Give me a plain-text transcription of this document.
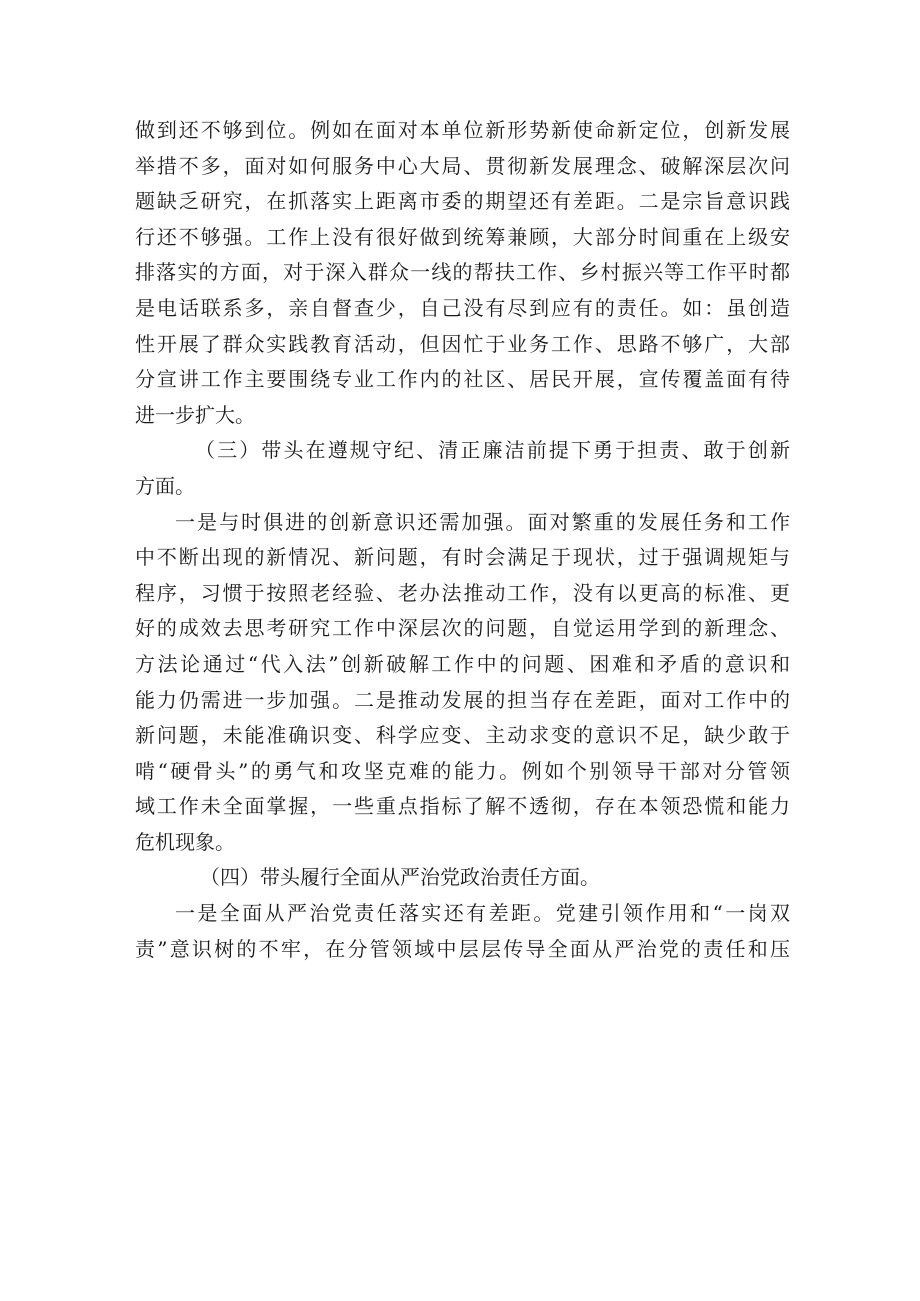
做到还不够到位。例如在面对本单位新形势新使命新定位，创新发展
举措不多，面对如何服务中心大局、贯彻新发展理念、破解深层次问
题缺乏研究，在抓落实上距离市委的期望还有差距。二是宗旨意识践
行还不够强。工作上没有很好做到统筹兼顾，大部分时间重在上级安
排落实的方面，对于深入群众一线的帮扶工作、乡村振兴等工作平时都
是电话联系多，亲自督查少，自己没有尽到应有的责任。如：虽创造
性开展了群众实践教育活动，但因忙于业务工作、思路不够广，大部
分宣讲工作主要围绕专业工作内的社区、居民开展，宣传覆盖面有待
进一步扩大。
（三）带头在遵规守纪、清正廉洁前提下勇于担责、敢于创新
方面。
一是与时俱进的创新意识还需加强。面对繁重的发展任务和工作
中不断出现的新情况、新问题，有时会满足于现状，过于强调规矩与
程序，习惯于按照老经验、老办法推动工作，没有以更高的标准、更
好的成效去思考研究工作中深层次的问题，自觉运用学到的新理念、
方法论通过“代入法”创新破解工作中的问题、困难和矛盾的意识和
能力仍需进一步加强。二是推动发展的担当存在差距，面对工作中的
新问题，未能准确识变、科学应变、主动求变的意识不足，缺少敢于
啃“硬骨头”的勇气和攻坚克难的能力。例如个别领导干部对分管领
域工作未全面掌握，一些重点指标了解不透彻，存在本领恐慌和能力
危机现象。
（四）带头履行全面从严治党政治责任方面。
一是全面从严治党责任落实还有差距。党建引领作用和“一岗双
责”意识树的不牢，在分管领域中层层传导全面从严治党的责任和压
